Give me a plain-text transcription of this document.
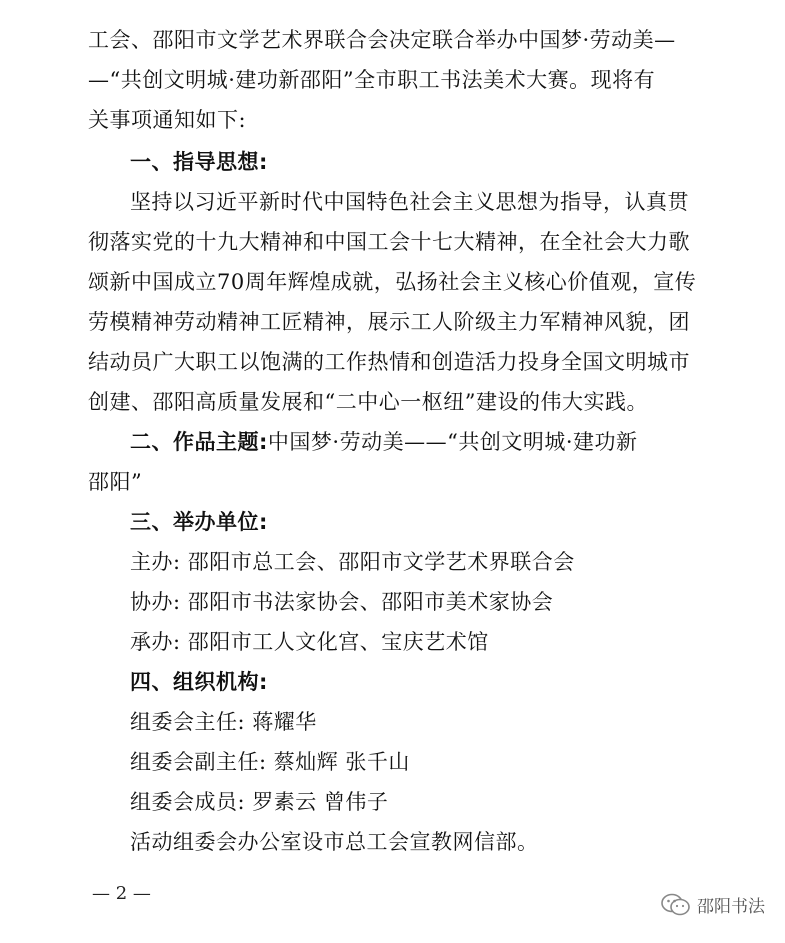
工会、邵阳市文学艺术界联合会决定联合举办中国梦·劳动美—
—“共创文明城·建功新邵阳”全市职工书法美术大赛。现将有
关事项通知如下:
一、指导思想:
坚持以习近平新时代中国特色社会主义思想为指导，认真贯
彻落实党的十九大精神和中国工会十七大精神，在全社会大力歌
颂新中国成立70周年辉煌成就，弘扬社会主义核心价值观，宣传
劳模精神劳动精神工匠精神，展示工人阶级主力军精神风貌，团
结动员广大职工以饱满的工作热情和创造活力投身全国文明城市
创建、邵阳高质量发展和“二中心一枢纽”建设的伟大实践。
二、作品主题:中国梦·劳动美——“共创文明城·建功新
邵阳”
三、举办单位:
主办: 邵阳市总工会、邵阳市文学艺术界联合会
协办: 邵阳市书法家协会、邵阳市美术家协会
承办: 邵阳市工人文化宫、宝庆艺术馆
四、组织机构:
组委会主任: 蒋耀华
组委会副主任: 蔡灿辉 张千山
组委会成员: 罗素云 曾伟子
活动组委会办公室设市总工会宣教网信部。
— 2 —
邵阳书法
